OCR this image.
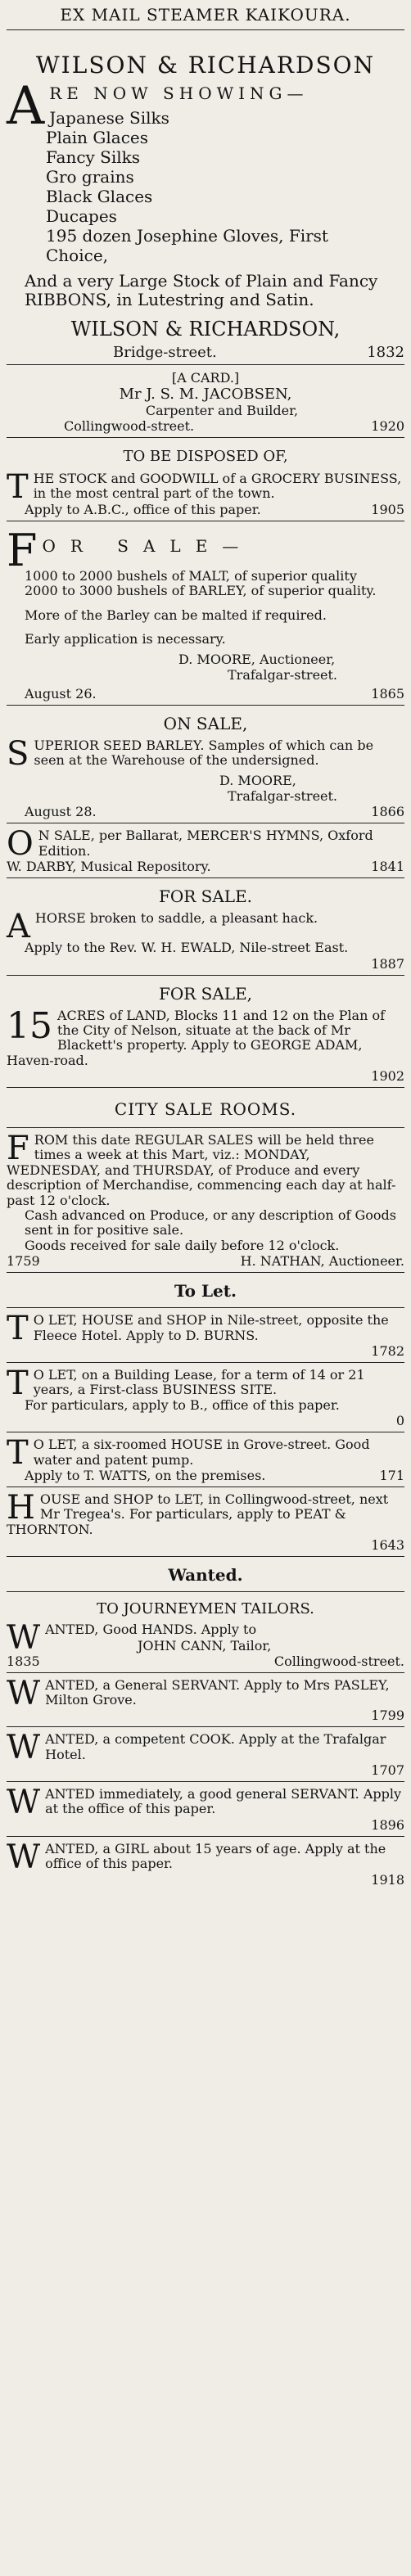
EX MAIL STEAMER KAIKOURA.
WILSON & RICHARDSON
A RE NOW SHOWING—
Japanese Silks
Plain Glaces
Fancy Silks
Gro grains
Black Glaces
Ducapes
195 dozen Josephine Gloves, First
Choice,
And a very Large Stock of Plain and Fancy RIBBONS, in Lutestring and Satin.
WILSON & RICHARDSON,
Bridge-street.	1832
[A CARD.]
Mr J. S. M. JACOBSEN,
Carpenter and Builder,
Collingwood-street.	1920
TO BE DISPOSED OF,
T HE STOCK and GOODWILL of a GROCERY BUSINESS, in the most central part of the town.
Apply to A.B.C., office of this paper.	1905
F OR SALE—
1000 to 2000 bushels of MALT, of superior quality
2000 to 3000 bushels of BARLEY, of superior quality.
More of the Barley can be malted if required.
Early application is necessary.
D. MOORE, Auctioneer,
Trafalgar-street.
August 26.	1865
ON SALE,
S UPERIOR SEED BARLEY. Samples of which can be seen at the Warehouse of the undersigned.
D. MOORE,
Trafalgar-street.
August 28.	1866
O N SALE, per Ballarat, MERCER'S HYMNS, Oxford Edition.
W. DARBY, Musical Repository.	1841
FOR SALE.
A HORSE broken to saddle, a pleasant hack.
Apply to the Rev. W. H. EWALD, Nile-street East.
1887
FOR SALE,
15 ACRES of LAND, Blocks 11 and 12 on the Plan of the City of Nelson, situate at the back of Mr Blackett's property. Apply to GEORGE ADAM, Haven-road.
1902
CITY SALE ROOMS.
F ROM this date REGULAR SALES will be held three times a week at this Mart, viz.: MONDAY, WEDNESDAY, and THURSDAY, of Produce and every description of Merchandise, commencing each day at half-past 12 o'clock.
Cash advanced on Produce, or any description of Goods sent in for positive sale.
Goods received for sale daily before 12 o'clock.
1759	H. NATHAN, Auctioneer.
To Let.
T O LET, HOUSE and SHOP in Nile-street, opposite the Fleece Hotel. Apply to D. BURNS.
1782
T O LET, on a Building Lease, for a term of 14 or 21 years, a First-class BUSINESS SITE.
For particulars, apply to B., office of this paper.
0
T O LET, a six-roomed HOUSE in Grove-street. Good water and patent pump.
Apply to T. WATTS, on the premises.	171
H OUSE and SHOP to LET, in Collingwood-street, next Mr Tregea's. For particulars, apply to PEAT & THORNTON.
1643
Wanted.
TO JOURNEYMEN TAILORS.
W ANTED, Good HANDS. Apply to
JOHN CANN, Tailor,
1835	Collingwood-street.
W ANTED, a General SERVANT. Apply to Mrs PASLEY, Milton Grove.
1799
W ANTED, a competent COOK. Apply at the Trafalgar Hotel.
1707
W ANTED immediately, a good general SERVANT. Apply at the office of this paper.
1896
W ANTED, a GIRL about 15 years of age. Apply at the office of this paper.
1918
